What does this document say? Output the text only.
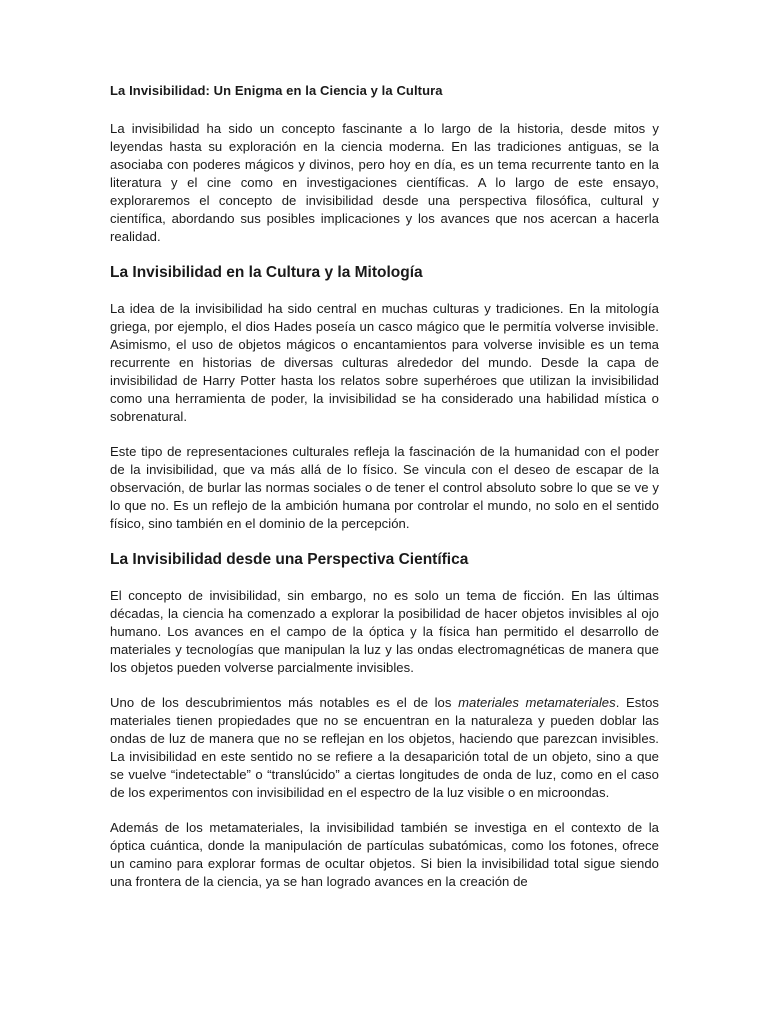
La Invisibilidad: Un Enigma en la Ciencia y la Cultura

La invisibilidad ha sido un concepto fascinante a lo largo de la historia, desde mitos y leyendas hasta su exploración en la ciencia moderna. En las tradiciones antiguas, se la asociaba con poderes mágicos y divinos, pero hoy en día, es un tema recurrente tanto en la literatura y el cine como en investigaciones científicas. A lo largo de este ensayo, exploraremos el concepto de invisibilidad desde una perspectiva filosófica, cultural y científica, abordando sus posibles implicaciones y los avances que nos acercan a hacerla realidad.

La Invisibilidad en la Cultura y la Mitología

La idea de la invisibilidad ha sido central en muchas culturas y tradiciones. En la mitología griega, por ejemplo, el dios Hades poseía un casco mágico que le permitía volverse invisible. Asimismo, el uso de objetos mágicos o encantamientos para volverse invisible es un tema recurrente en historias de diversas culturas alrededor del mundo. Desde la capa de invisibilidad de Harry Potter hasta los relatos sobre superhéroes que utilizan la invisibilidad como una herramienta de poder, la invisibilidad se ha considerado una habilidad mística o sobrenatural.

Este tipo de representaciones culturales refleja la fascinación de la humanidad con el poder de la invisibilidad, que va más allá de lo físico. Se vincula con el deseo de escapar de la observación, de burlar las normas sociales o de tener el control absoluto sobre lo que se ve y lo que no. Es un reflejo de la ambición humana por controlar el mundo, no solo en el sentido físico, sino también en el dominio de la percepción.

La Invisibilidad desde una Perspectiva Científica

El concepto de invisibilidad, sin embargo, no es solo un tema de ficción. En las últimas décadas, la ciencia ha comenzado a explorar la posibilidad de hacer objetos invisibles al ojo humano. Los avances en el campo de la óptica y la física han permitido el desarrollo de materiales y tecnologías que manipulan la luz y las ondas electromagnéticas de manera que los objetos pueden volverse parcialmente invisibles.

Uno de los descubrimientos más notables es el de los materiales metamateriales. Estos materiales tienen propiedades que no se encuentran en la naturaleza y pueden doblar las ondas de luz de manera que no se reflejan en los objetos, haciendo que parezcan invisibles. La invisibilidad en este sentido no se refiere a la desaparición total de un objeto, sino a que se vuelve “indetectable” o “translúcido” a ciertas longitudes de onda de luz, como en el caso de los experimentos con invisibilidad en el espectro de la luz visible o en microondas.

Además de los metamateriales, la invisibilidad también se investiga en el contexto de la óptica cuántica, donde la manipulación de partículas subatómicas, como los fotones, ofrece un camino para explorar formas de ocultar objetos. Si bien la invisibilidad total sigue siendo una frontera de la ciencia, ya se han logrado avances en la creación de
